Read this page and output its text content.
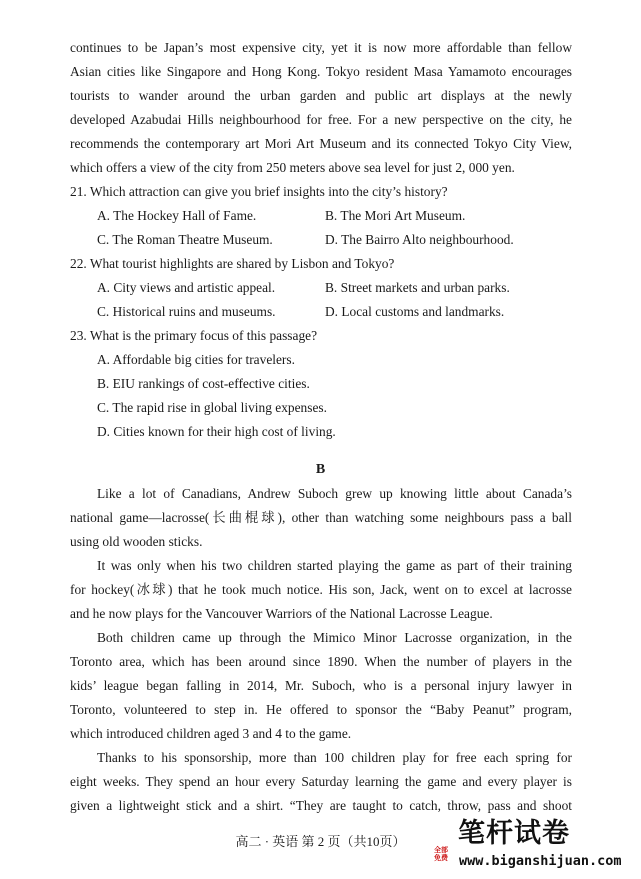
continues to be Japan’s most expensive city, yet it is now more affordable than fellow
Asian cities like Singapore and Hong Kong. Tokyo resident Masa Yamamoto encourages
tourists to wander around the urban garden and public art displays at the newly
developed Azabudai Hills neighbourhood for free. For a new perspective on the city, he
recommends the contemporary art Mori Art Museum and its connected Tokyo City View,
which offers a view of the city from 250 meters above sea level for just 2, 000 yen.
21. Which attraction can give you brief insights into the city’s history?
A. The Hockey Hall of Fame.	B. The Mori Art Museum.
C. The Roman Theatre Museum.	D. The Bairro Alto neighbourhood.
22. What tourist highlights are shared by Lisbon and Tokyo?
A. City views and artistic appeal.	B. Street markets and urban parks.
C. Historical ruins and museums.	D. Local customs and landmarks.
23. What is the primary focus of this passage?
A. Affordable big cities for travelers.
B. EIU rankings of cost-effective cities.
C. The rapid rise in global living expenses.
D. Cities known for their high cost of living.
B
Like a lot of Canadians, Andrew Suboch grew up knowing little about Canada’s
national game—lacrosse(长曲棍球), other than watching some neighbours pass a ball
using old wooden sticks.
It was only when his two children started playing the game as part of their training
for hockey(冰球) that he took much notice. His son, Jack, went on to excel at lacrosse
and he now plays for the Vancouver Warriors of the National Lacrosse League.
Both children came up through the Mimico Minor Lacrosse organization, in the
Toronto area, which has been around since 1890. When the number of players in the
kids’ league began falling in 2014, Mr. Suboch, who is a personal injury lawyer in
Toronto, volunteered to step in. He offered to sponsor the “Baby Peanut” program,
which introduced children aged 3 and 4 to the game.
Thanks to his sponsorship, more than 100 children play for free each spring for
eight weeks. They spend an hour every Saturday learning the game and every player is
given a lightweight stick and a shirt. “They are taught to catch, throw, pass and shoot
高二 · 英语 第 2 页（共10页）	笔杆试卷
全部免费 www.biganshijuan.com
